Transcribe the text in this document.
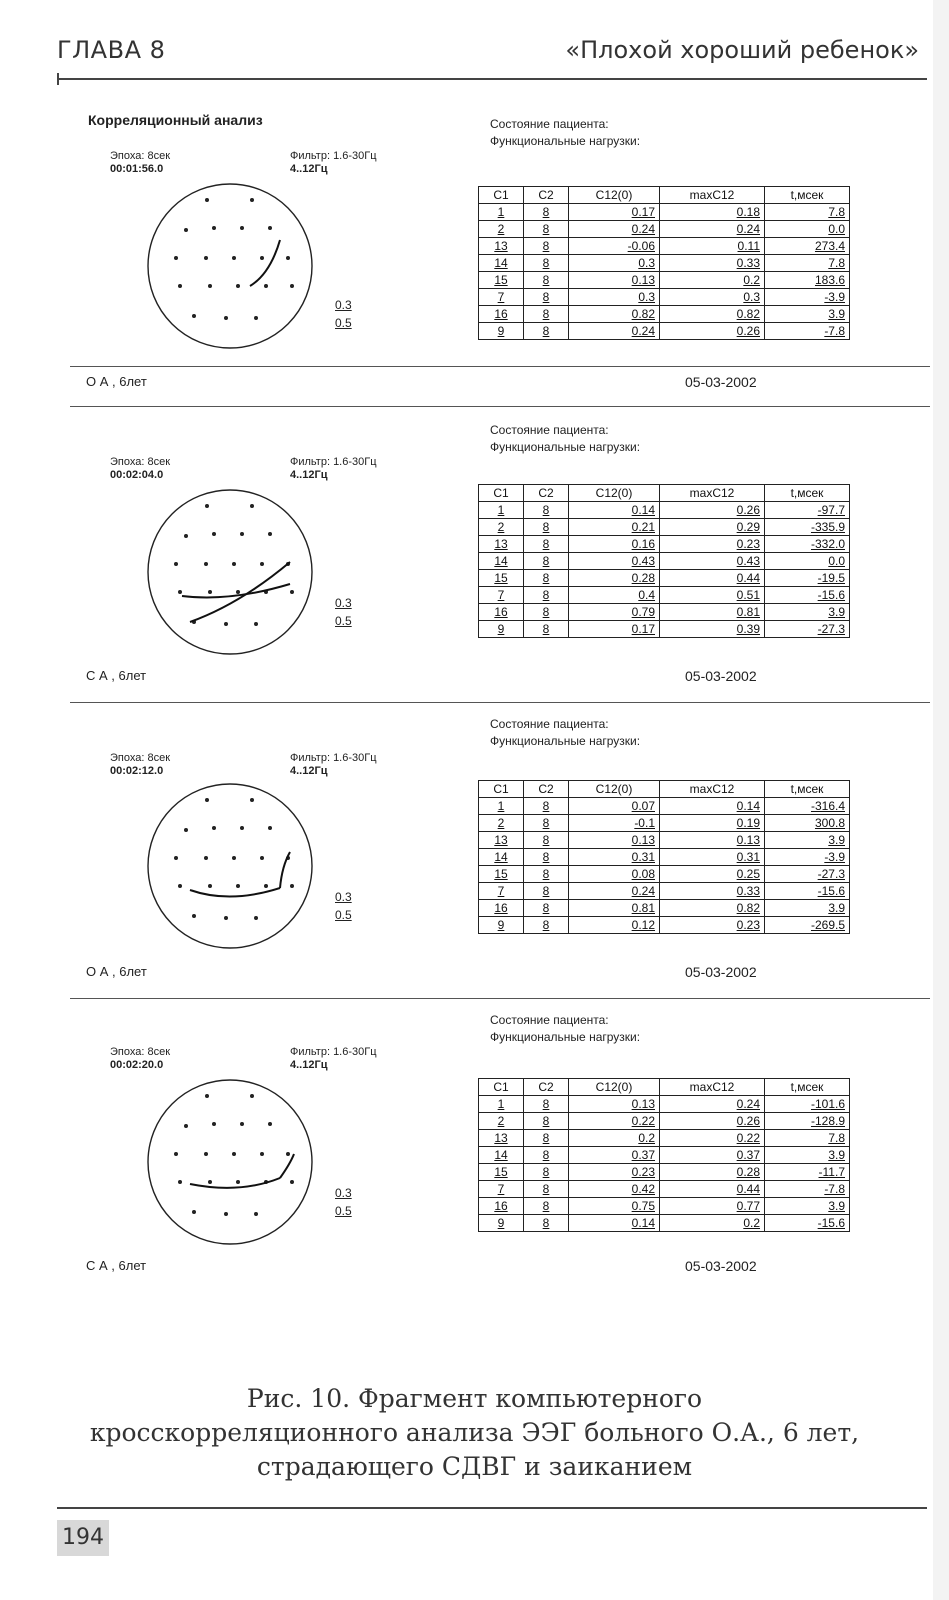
ГЛАВА 8	«Плохой хороший ребенок»
Корреляционный анализ	Состояние пациента:
Функциональные нагрузки:
Эпоха: 8сек
00:01:56.0
Фильтр: 1.6-30Гц
4..12Гц
0.3
0.5
C1	C2	C12(0)	maxC12	t,мсек
1	8	0.17	0.18	7.8
2	8	0.24	0.24	0.0
13	8	-0.06	0.11	273.4
14	8	0.3	0.33	7.8
15	8	0.13	0.2	183.6
7	8	0.3	0.3	-3.9
16	8	0.82	0.82	3.9
9	8	0.24	0.26	-7.8
О А , 6лет	05-03-2002
Состояние пациента:
Функциональные нагрузки:
Эпоха: 8сек
00:02:04.0
Фильтр: 1.6-30Гц
4..12Гц
0.3
0.5
C1	C2	C12(0)	maxC12	t,мсек
1	8	0.14	0.26	-97.7
2	8	0.21	0.29	-335.9
13	8	0.16	0.23	-332.0
14	8	0.43	0.43	0.0
15	8	0.28	0.44	-19.5
7	8	0.4	0.51	-15.6
16	8	0.79	0.81	3.9
9	8	0.17	0.39	-27.3
С А , 6лет	05-03-2002
Состояние пациента:
Функциональные нагрузки:
Эпоха: 8сек
00:02:12.0
Фильтр: 1.6-30Гц
4..12Гц
0.3
0.5
C1	C2	C12(0)	maxC12	t,мсек
1	8	0.07	0.14	-316.4
2	8	-0.1	0.19	300.8
13	8	0.13	0.13	3.9
14	8	0.31	0.31	-3.9
15	8	0.08	0.25	-27.3
7	8	0.24	0.33	-15.6
16	8	0.81	0.82	3.9
9	8	0.12	0.23	-269.5
О А , 6лет	05-03-2002
Состояние пациента:
Функциональные нагрузки:
Эпоха: 8сек
00:02:20.0
Фильтр: 1.6-30Гц
4..12Гц
0.3
0.5
C1	C2	C12(0)	maxC12	t,мсек
1	8	0.13	0.24	-101.6
2	8	0.22	0.26	-128.9
13	8	0.2	0.22	7.8
14	8	0.37	0.37	3.9
15	8	0.23	0.28	-11.7
7	8	0.42	0.44	-7.8
16	8	0.75	0.77	3.9
9	8	0.14	0.2	-15.6
С А , 6лет	05-03-2002
Рис. 10. Фрагмент компьютерного
кросскорреляционного анализа ЭЭГ больного О.А., 6 лет,
страдающего СДВГ и заиканием
194
